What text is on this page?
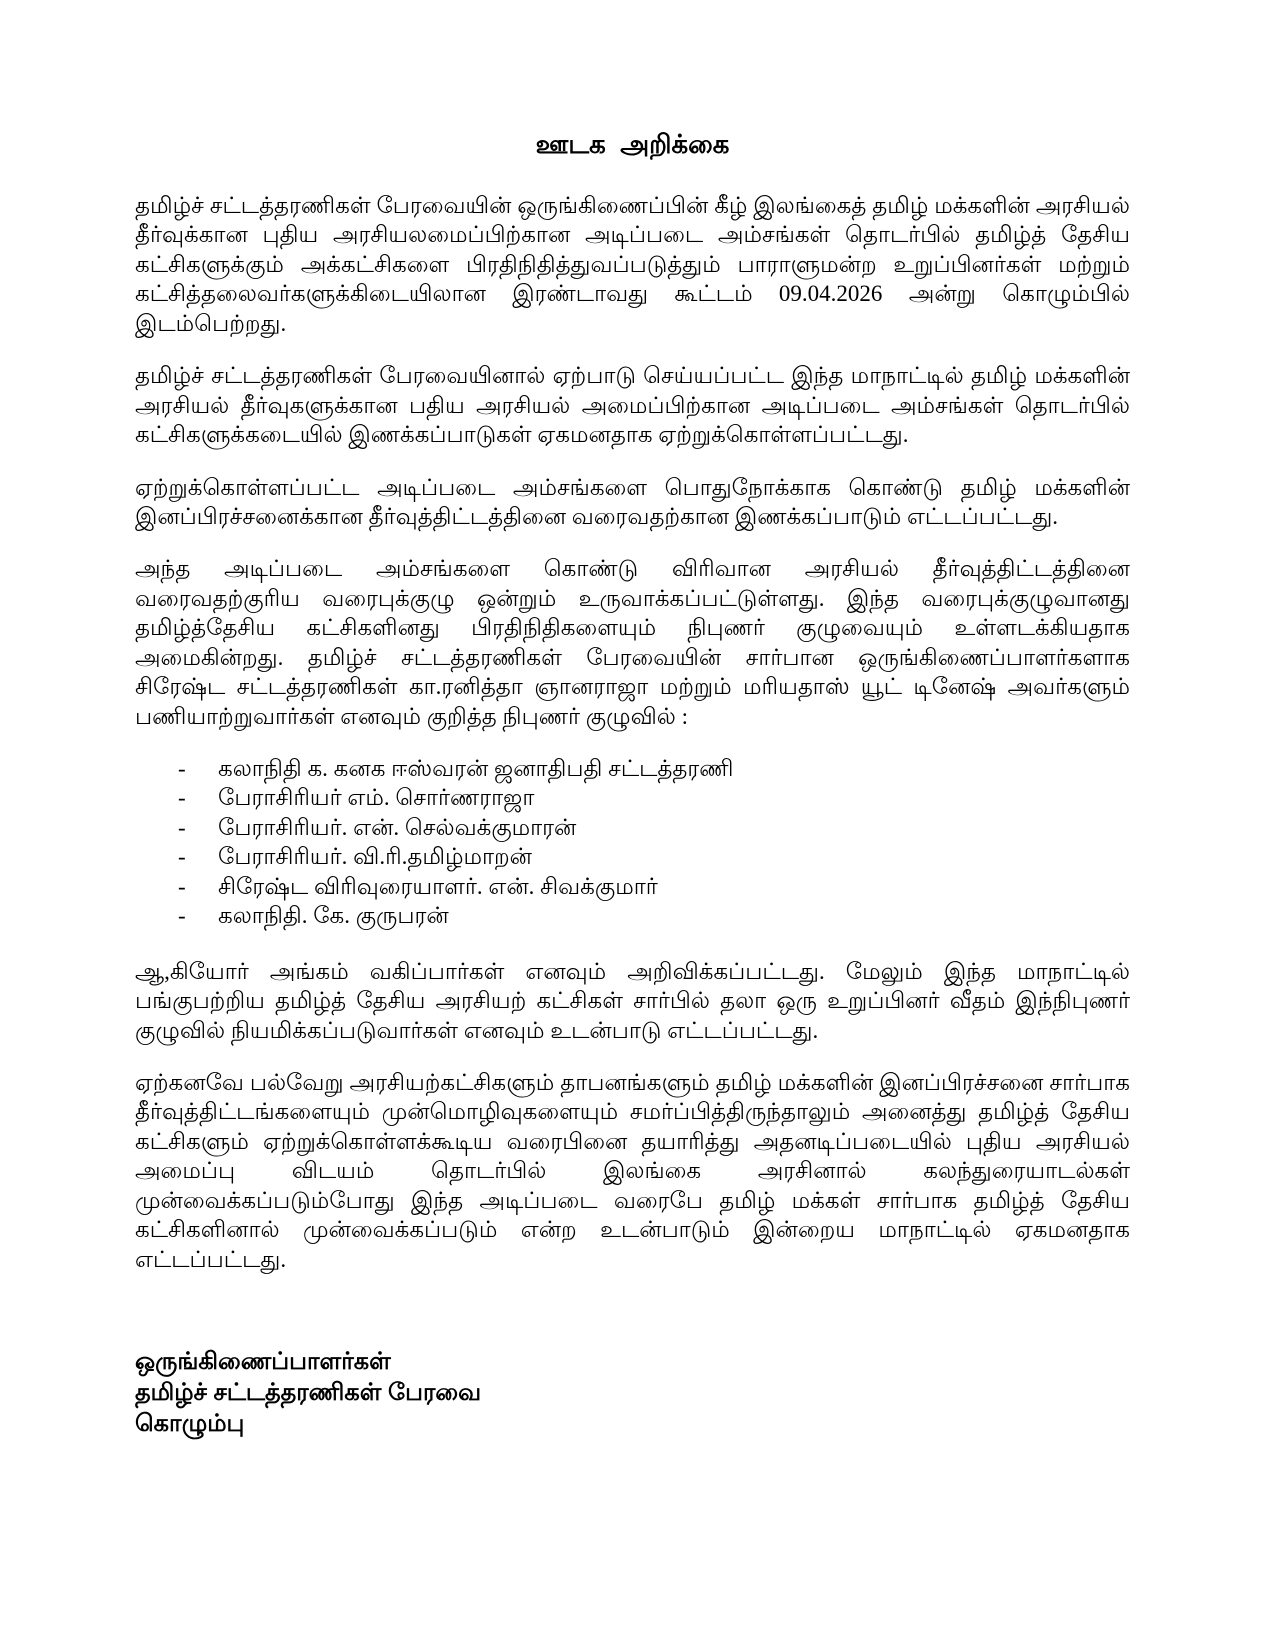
ஊடக அறிக்கை

தமிழ்ச் சட்டத்தரணிகள் பேரவையின் ஒருங்கிணைப்பின் கீழ் இலங்கைத் தமிழ் மக்களின் அரசியல் தீர்வுக்கான புதிய அரசியலமைப்பிற்கான அடிப்படை அம்சங்கள் தொடர்பில் தமிழ்த் தேசிய கட்சிகளுக்கும் அக்கட்சிகளை பிரதிநிதித்துவப்படுத்தும் பாராளுமன்ற உறுப்பினர்கள் மற்றும் கட்சித்தலைவர்களுக்கிடையிலான இரண்டாவது கூட்டம் 09.04.2026 அன்று கொழும்பில் இடம்பெற்றது.

தமிழ்ச் சட்டத்தரணிகள் பேரவையினால் ஏற்பாடு செய்யப்பட்ட இந்த மாநாட்டில் தமிழ் மக்களின் அரசியல் தீர்வுகளுக்கான பதிய அரசியல் அமைப்பிற்கான அடிப்படை அம்சங்கள் தொடர்பில் கட்சிகளுக்கடையில் இணக்கப்பாடுகள் ஏகமனதாக ஏற்றுக்கொள்ளப்பட்டது.

ஏற்றுக்கொள்ளப்பட்ட அடிப்படை அம்சங்களை பொதுநோக்காக கொண்டு தமிழ் மக்களின் இனப்பிரச்சனைக்கான தீர்வுத்திட்டத்தினை வரைவதற்கான இணக்கப்பாடும் எட்டப்பட்டது.

அந்த அடிப்படை அம்சங்களை கொண்டு விரிவான அரசியல் தீர்வுத்திட்டத்தினை வரைவதற்குரிய வரைபுக்குழு ஒன்றும் உருவாக்கப்பட்டுள்ளது. இந்த வரைபுக்குழுவானது தமிழ்த்தேசிய கட்சிகளினது பிரதிநிதிகளையும் நிபுணர் குழுவையும் உள்ளடக்கியதாக அமைகின்றது. தமிழ்ச் சட்டத்தரணிகள் பேரவையின் சார்பான ஒருங்கிணைப்பாளர்களாக சிரேஷ்ட சட்டத்தரணிகள் கா.ரனித்தா ஞானராஜா மற்றும் மரியதாஸ் யூட் டினேஷ் அவர்களும் பணியாற்றுவார்கள் எனவும் குறித்த நிபுணர் குழுவில் :

-	கலாநிதி க. கனக ஈஸ்வரன் ஜனாதிபதி சட்டத்தரணி
-	பேராசிரியர் எம். சொர்ணராஜா
-	பேராசிரியர். என். செல்வக்குமாரன்
-	பேராசிரியர். வி.ரி.தமிழ்மாறன்
-	சிரேஷ்ட விரிவுரையாளர். என். சிவக்குமார்
-	கலாநிதி. கே. குருபரன்

ஆ,கியோர் அங்கம் வகிப்பார்கள் எனவும் அறிவிக்கப்பட்டது. மேலும் இந்த மாநாட்டில் பங்குபற்றிய தமிழ்த் தேசிய அரசியற் கட்சிகள் சார்பில் தலா ஒரு உறுப்பினர் வீதம் இந்நிபுணர் குழுவில் நியமிக்கப்படுவார்கள் எனவும் உடன்பாடு எட்டப்பட்டது.

ஏற்கனவே பல்வேறு அரசியற்கட்சிகளும் தாபனங்களும் தமிழ் மக்களின் இனப்பிரச்சனை சார்பாக தீர்வுத்திட்டங்களையும் முன்மொழிவுகளையும் சமர்ப்பித்திருந்தாலும் அனைத்து தமிழ்த் தேசிய கட்சிகளும் ஏற்றுக்கொள்ளக்கூடிய வரைபினை தயாரித்து அதனடிப்படையில் புதிய அரசியல் அமைப்பு விடயம் தொடர்பில் இலங்கை அரசினால் கலந்துரையாடல்கள் முன்வைக்கப்படும்போது இந்த அடிப்படை வரைபே தமிழ் மக்கள் சார்பாக தமிழ்த் தேசிய கட்சிகளினால் முன்வைக்கப்படும் என்ற உடன்பாடும் இன்றைய மாநாட்டில் ஏகமனதாக எட்டப்பட்டது.

ஒருங்கிணைப்பாளர்கள்
தமிழ்ச் சட்டத்தரணிகள் பேரவை
கொழும்பு
